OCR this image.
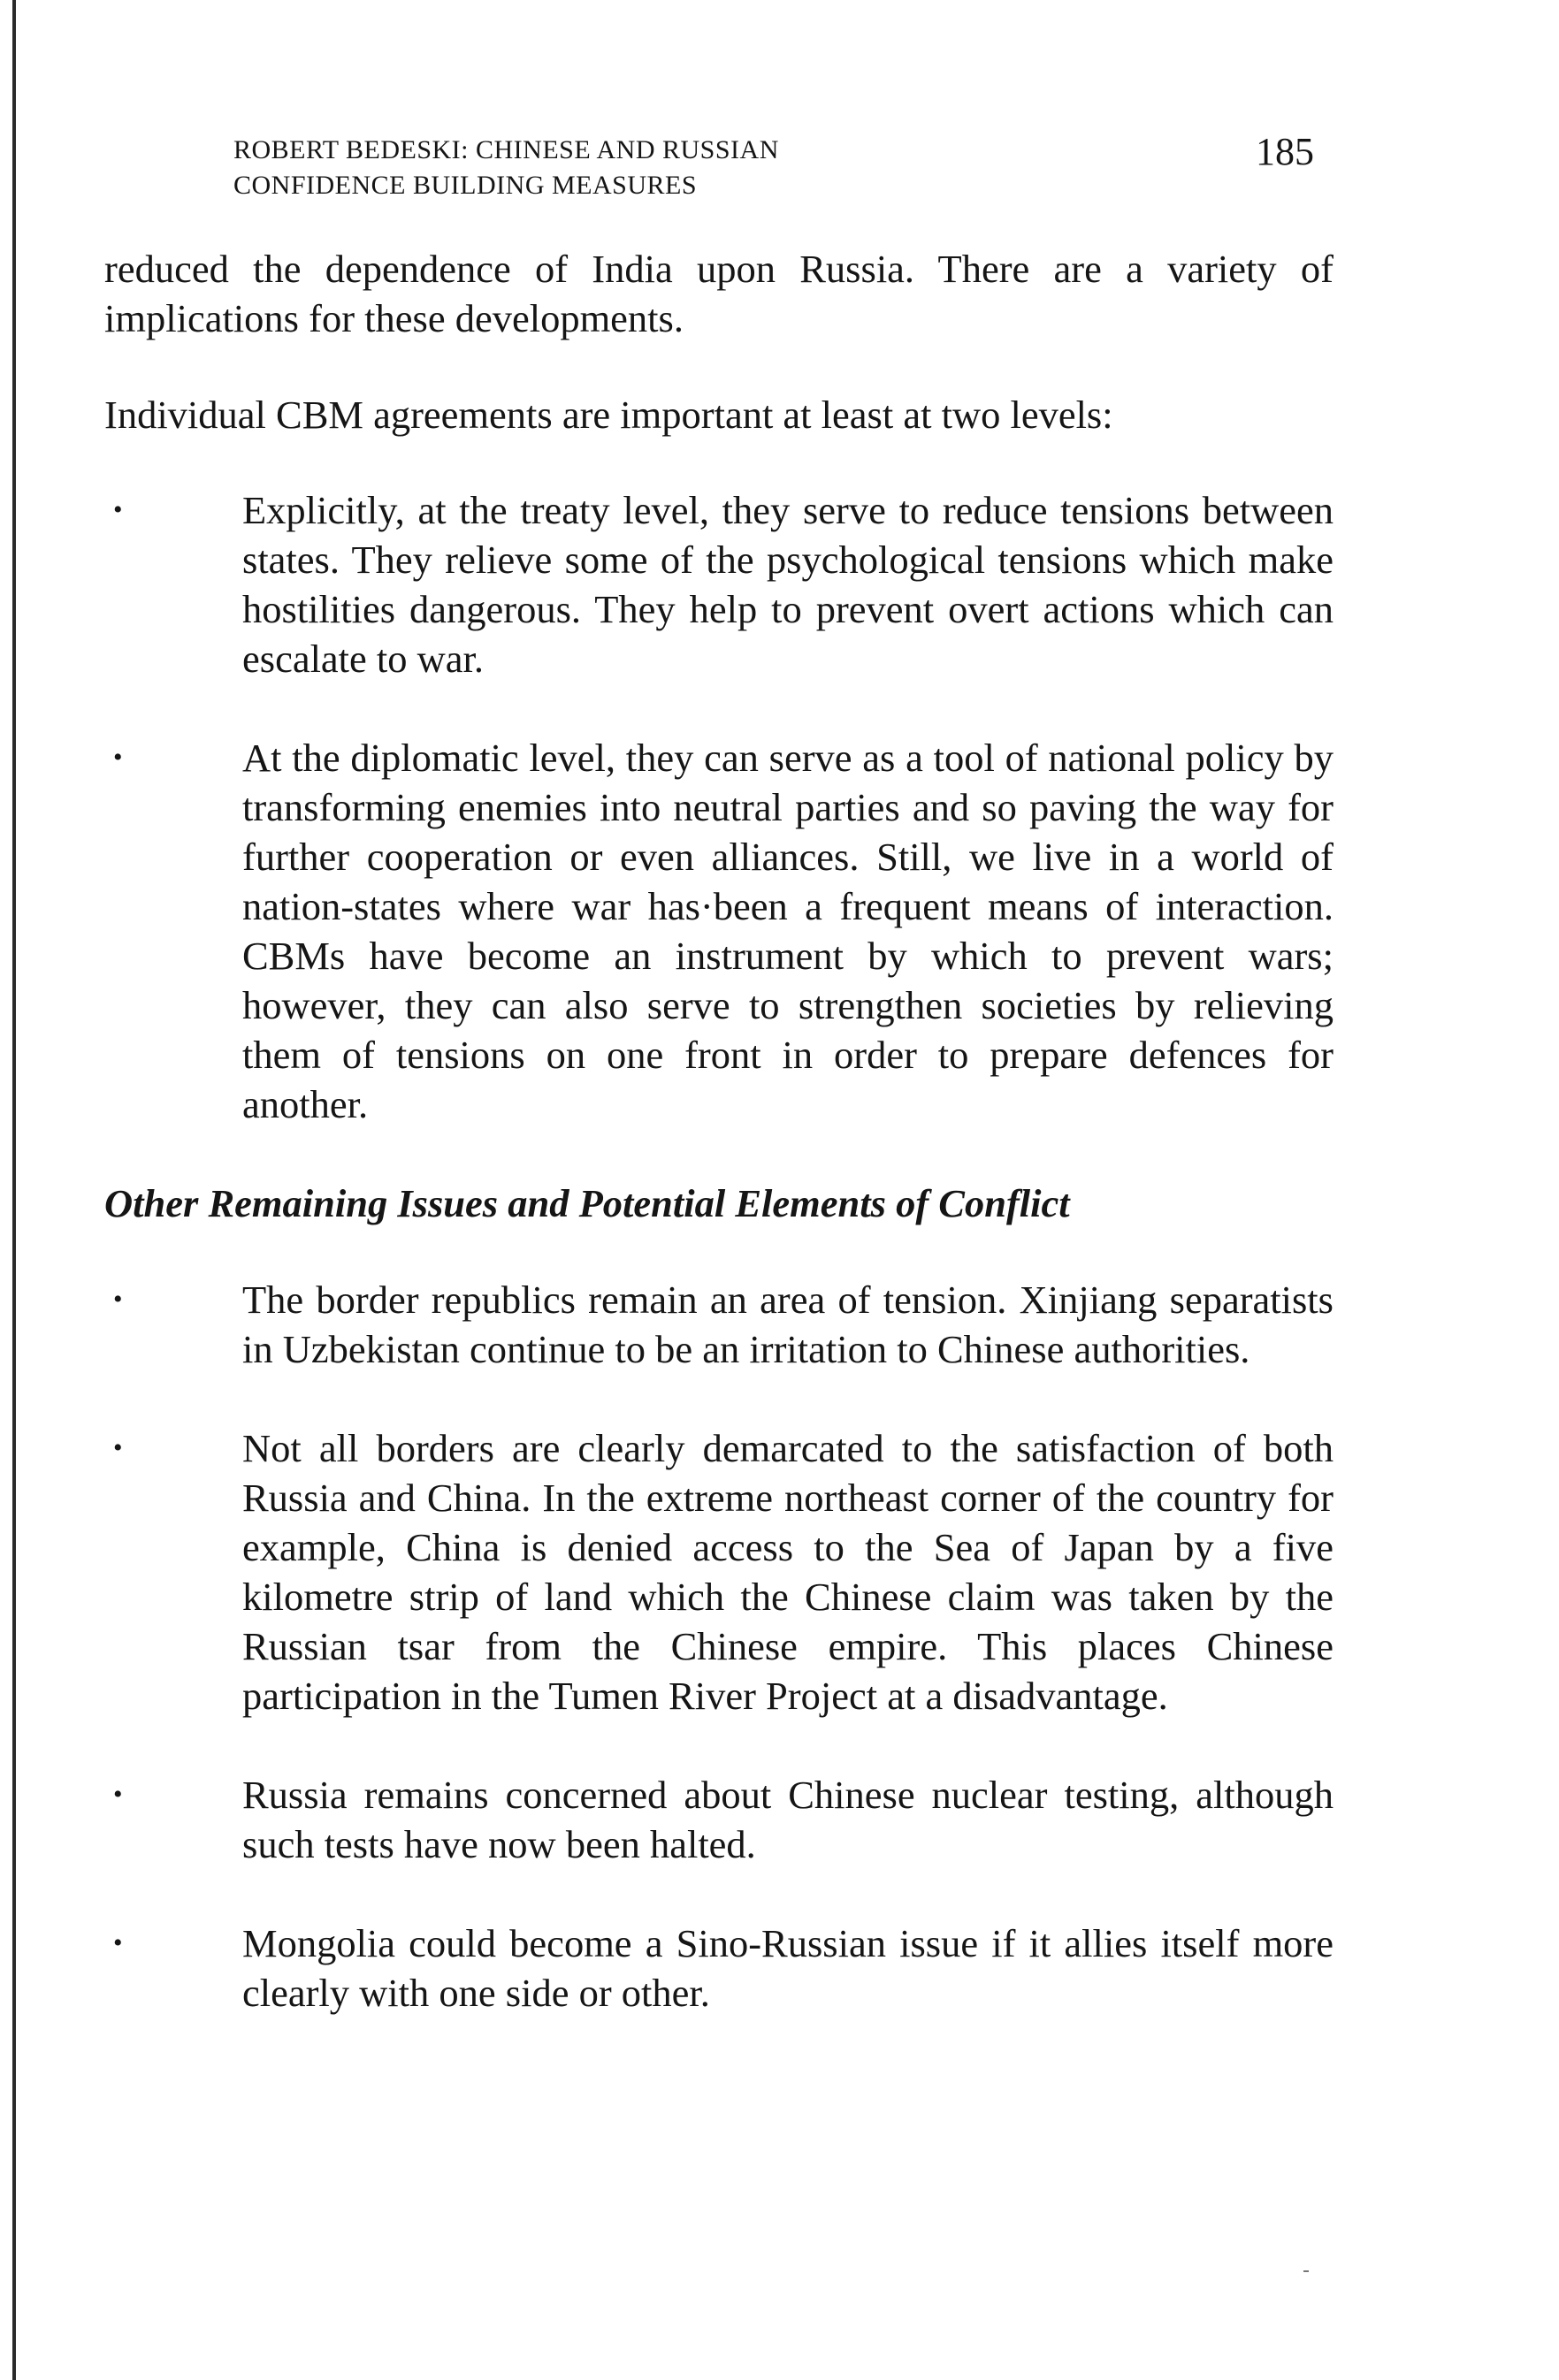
ROBERT BEDESKI: CHINESE AND RUSSIAN
CONFIDENCE BUILDING MEASURES
185

reduced the dependence of India upon Russia. There are a variety of implications for these developments.

Individual CBM agreements are important at least at two levels:

•	Explicitly, at the treaty level, they serve to reduce tensions between states. They relieve some of the psychological tensions which make hostilities dangerous. They help to prevent overt actions which can escalate to war.
•	At the diplomatic level, they can serve as a tool of national policy by transforming enemies into neutral parties and so paving the way for further cooperation or even alliances. Still, we live in a world of nation-states where war has·been a frequent means of interaction. CBMs have become an instrument by which to prevent wars; however, they can also serve to strengthen societies by relieving them of tensions on one front in order to prepare defences for another.

Other Remaining Issues and Potential Elements of Conflict

•	The border republics remain an area of tension. Xinjiang separatists in Uzbekistan continue to be an irritation to Chinese authorities.
•	Not all borders are clearly demarcated to the satisfaction of both Russia and China. In the extreme northeast corner of the country for example, China is denied access to the Sea of Japan by a five kilometre strip of land which the Chinese claim was taken by the Russian tsar from the Chinese empire. This places Chinese participation in the Tumen River Project at a disadvantage.
•	Russia remains concerned about Chinese nuclear testing, although such tests have now been halted.
•	Mongolia could become a Sino-Russian issue if it allies itself more clearly with one side or other.
